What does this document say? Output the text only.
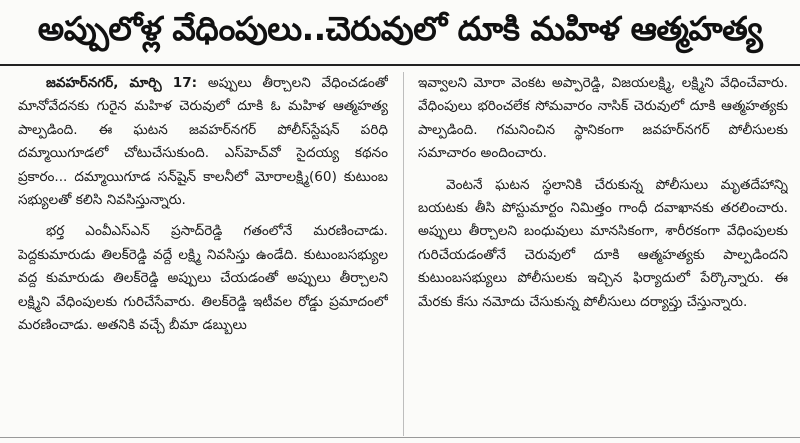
అప్పులోళ్ల వేధింపులు..చెరువులో దూకి మహిళ ఆత్మహత్య

జవహర్‌నగర్, మార్చి 17: అప్పులు తీర్చాలని వేధించడంతో మానోవేదనకు గురైన మహిళ చెరువులో దూకి ఓ మహిళ ఆత్మహత్య పాల్పడింది. ఈ ఘటన జవహర్‌నగర్ పోలీస్‌స్టేషన్ పరిధి దమ్మాయిగూడలో చోటుచేసుకుంది. ఎస్‌హెచ్‌వో సైదయ్య కథనం ప్రకారం... దమ్మాయిగూడ సన్‌షైన్ కాలనీలో మోరాలక్ష్మి(60) కుటుంబ సభ్యులతో కలిసి నివసిస్తున్నారు.

భర్త ఎంవీఎస్‌ఎన్ ప్రసాద్‌రెడ్డి గతంలోనే మరణించాడు. పెద్దకుమారుడు తిలక్‌రెడ్డి వద్దే లక్ష్మి నివసిస్తు ఉండేది. కుటుంబసభ్యుల వద్ద కుమారుడు తిలక్‌రెడ్డి అప్పులు చేయడంతో అప్పులు తీర్చాలని లక్ష్మిని వేధింపులకు గురిచేసేవారు. తిలక్‌రెడ్డి ఇటీవల రోడ్డు ప్రమాదంలో మరణించాడు. అతనికి వచ్చే బీమా డబ్బులు

ఇవ్వాలని మోరా వెంకట అప్పారెడ్డి, విజయలక్ష్మి, లక్ష్మిని వేధించేవారు. వేధింపులు భరించలేక సోమవారం నాసిక్ చెరువులో దూకి ఆత్మహత్యకు పాల్పడింది. గమనించిన స్థానికంగా జవహర్‌నగర్ పోలీసులకు సమాచారం అందించారు.

వెంటనే ఘటన స్థలానికి చేరుకున్న పోలీసులు మృతదేహాన్ని బయటకు తీసి పోస్టుమార్టం నిమిత్తం గాంధీ దవాఖానకు తరలించారు. అప్పులు తీర్చాలని బంధువులు మానసికంగా, శారీరకంగా వేధింపులకు గురిచేయడంతోనే చెరువులో దూకి ఆత్మహత్యకు పాల్పడిందని కుటుంబసభ్యులు పోలీసులకు ఇచ్చిన ఫిర్యాదులో పేర్కొన్నారు. ఈ మేరకు కేసు నమోదు చేసుకున్న పోలీసులు దర్యాప్తు చేస్తున్నారు.
